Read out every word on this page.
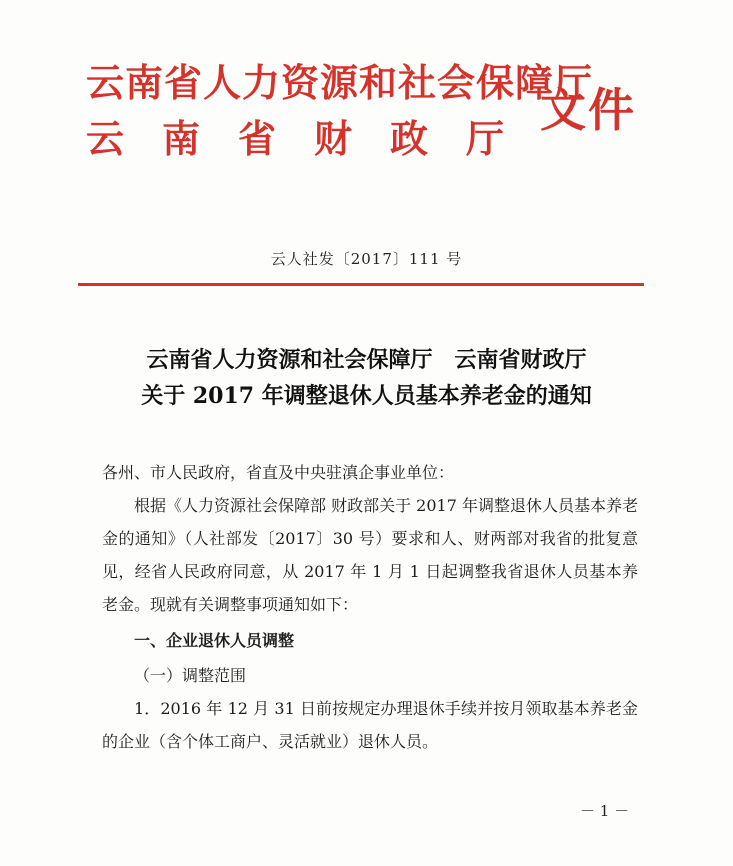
云南省人力资源和社会保障厅
云南省财政厅
文件
云人社发〔2017〕111 号
云南省人力资源和社会保障厅　云南省财政厅
关于 2017 年调整退休人员基本养老金的通知
各州、市人民政府，省直及中央驻滇企事业单位：
根据《人力资源社会保障部 财政部关于 2017 年调整退休人员基本养老金的通知》（人社部发〔2017〕30 号）要求和人、财两部对我省的批复意见，经省人民政府同意，从 2017 年 1 月 1 日起调整我省退休人员基本养老金。现就有关调整事项通知如下：
一、企业退休人员调整
（一）调整范围
1．2016 年 12 月 31 日前按规定办理退休手续并按月领取基本养老金的企业（含个体工商户、灵活就业）退休人员。
－ 1 －
